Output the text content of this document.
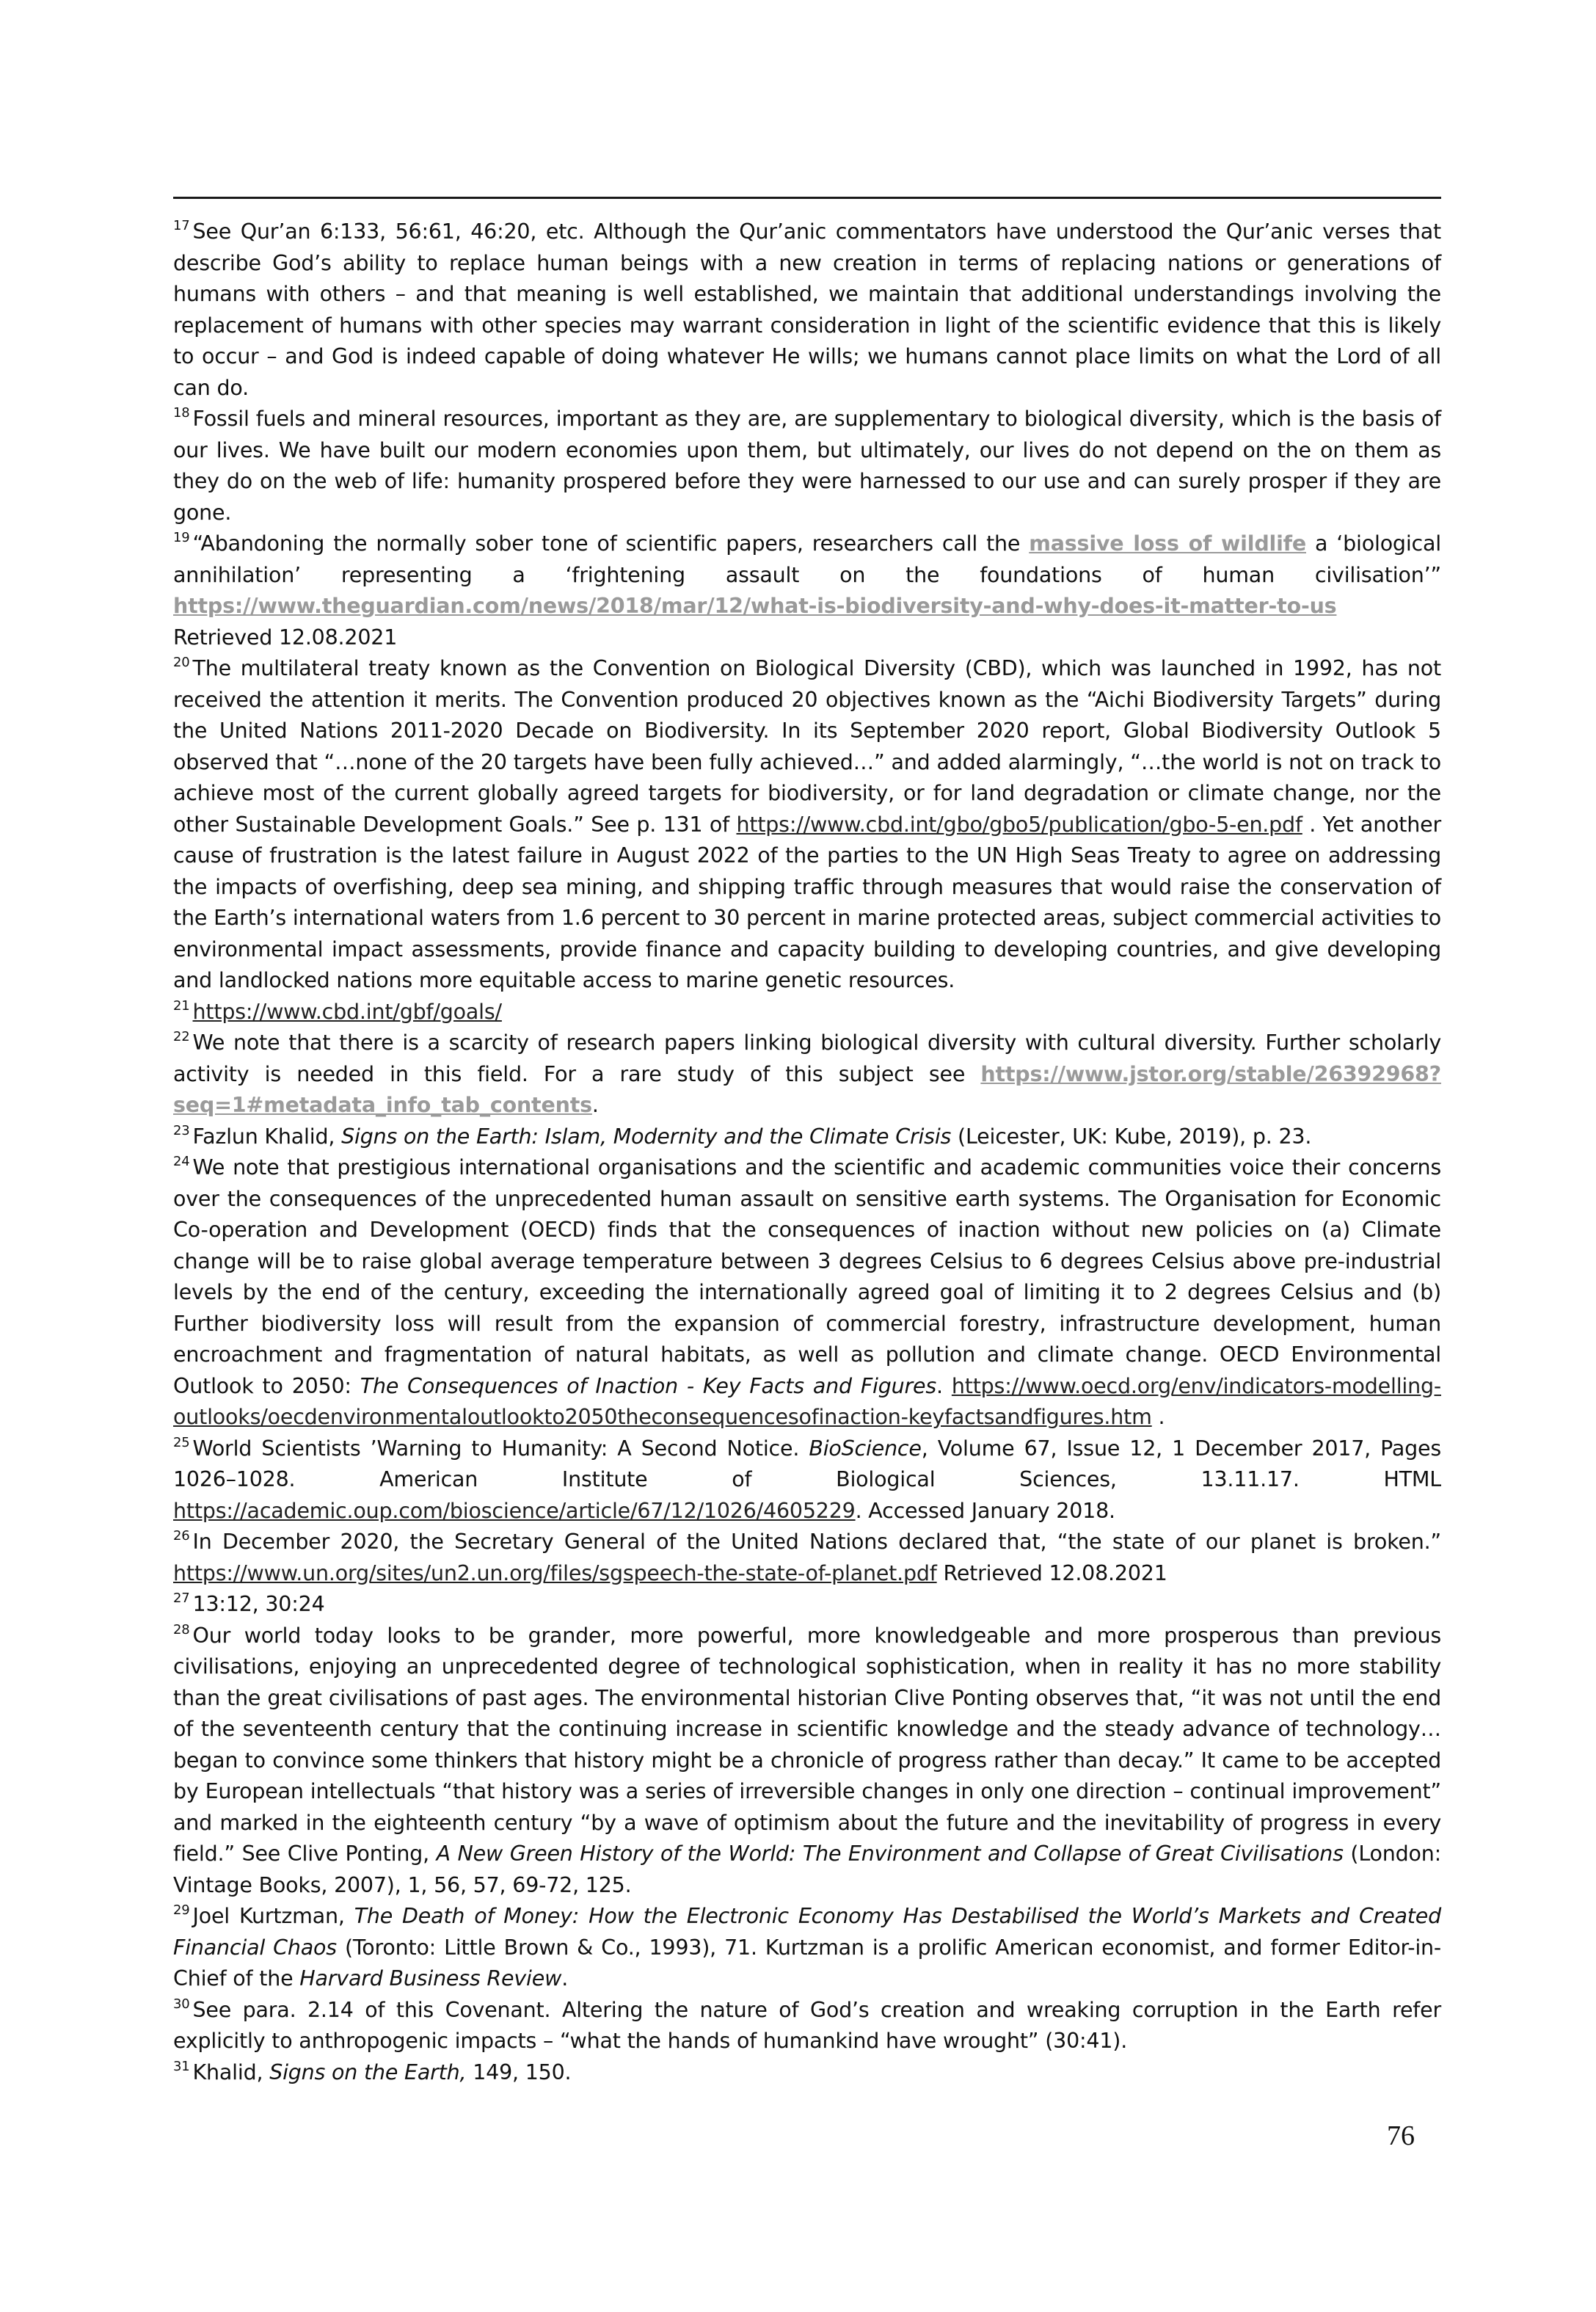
$^{17}$ See Qur’an 6:133, 56:61, 46:20, etc. Although the Qur’anic commentators have understood the Qur’anic verses that describe God’s ability to replace human beings with a new creation in terms of replacing nations or generations of humans with others – and that meaning is well established, we maintain that additional understandings involving the replacement of humans with other species may warrant consideration in light of the scientific evidence that this is likely to occur – and God is indeed capable of doing whatever He wills; we humans cannot place limits on what the Lord of all can do.

$^{18}$ Fossil fuels and mineral resources, important as they are, are supplementary to biological diversity, which is the basis of our lives. We have built our modern economies upon them, but ultimately, our lives do not depend on the on them as they do on the web of life: humanity prospered before they were harnessed to our use and can surely prosper if they are gone.

$^{19}$ “Abandoning the normally sober tone of scientific papers, researchers call the massive loss of wildlife a ‘biological annihilation’ representing a ‘frightening assault on the foundations of human civilisation’” https://www.theguardian.com/news/2018/mar/12/what-is-biodiversity-and-why-does-it-matter-to-us Retrieved 12.08.2021

$^{20}$ The multilateral treaty known as the Convention on Biological Diversity (CBD), which was launched in 1992, has not received the attention it merits. The Convention produced 20 objectives known as the “Aichi Biodiversity Targets” during the United Nations 2011-2020 Decade on Biodiversity. In its September 2020 report, Global Biodiversity Outlook 5 observed that “…none of the 20 targets have been fully achieved…” and added alarmingly, “…the world is not on track to achieve most of the current globally agreed targets for biodiversity, or for land degradation or climate change, nor the other Sustainable Development Goals.” See p. 131 of https://www.cbd.int/gbo/gbo5/publication/gbo-5-en.pdf . Yet another cause of frustration is the latest failure in August 2022 of the parties to the UN High Seas Treaty to agree on addressing the impacts of overfishing, deep sea mining, and shipping traffic through measures that would raise the conservation of the Earth’s international waters from 1.6 percent to 30 percent in marine protected areas, subject commercial activities to environmental impact assessments, provide finance and capacity building to developing countries, and give developing and landlocked nations more equitable access to marine genetic resources.

$^{21}$ https://www.cbd.int/gbf/goals/

$^{22}$ We note that there is a scarcity of research papers linking biological diversity with cultural diversity. Further scholarly activity is needed in this field. For a rare study of this subject see https://www.jstor.org/stable/26392968?seq=1#metadata_info_tab_contents.

$^{23}$ Fazlun Khalid, Signs on the Earth: Islam, Modernity and the Climate Crisis (Leicester, UK: Kube, 2019), p. 23.

$^{24}$ We note that prestigious international organisations and the scientific and academic communities voice their concerns over the consequences of the unprecedented human assault on sensitive earth systems. The Organisation for Economic Co-operation and Development (OECD) finds that the consequences of inaction without new policies on (a) Climate change will be to raise global average temperature between 3 degrees Celsius to 6 degrees Celsius above pre-industrial levels by the end of the century, exceeding the internationally agreed goal of limiting it to 2 degrees Celsius and (b) Further biodiversity loss will result from the expansion of commercial forestry, infrastructure development, human encroachment and fragmentation of natural habitats, as well as pollution and climate change. OECD Environmental Outlook to 2050: The Consequences of Inaction - Key Facts and Figures. https://www.oecd.org/env/indicators-modelling-outlooks/oecdenvironmentaloutlookto2050theconsequencesofinaction-keyfactsandfigures.htm .

$^{25}$ World Scientists ’Warning to Humanity: A Second Notice. BioScience, Volume 67, Issue 12, 1 December 2017, Pages 1026–1028. American Institute of Biological Sciences, 13.11.17. HTML https://academic.oup.com/bioscience/article/67/12/1026/4605229. Accessed January 2018.

$^{26}$ In December 2020, the Secretary General of the United Nations declared that, “the state of our planet is broken.” https://www.un.org/sites/un2.un.org/files/sgspeech-the-state-of-planet.pdf Retrieved 12.08.2021

$^{27}$ 13:12, 30:24

$^{28}$ Our world today looks to be grander, more powerful, more knowledgeable and more prosperous than previous civilisations, enjoying an unprecedented degree of technological sophistication, when in reality it has no more stability than the great civilisations of past ages. The environmental historian Clive Ponting observes that, “it was not until the end of the seventeenth century that the continuing increase in scientific knowledge and the steady advance of technology…began to convince some thinkers that history might be a chronicle of progress rather than decay.” It came to be accepted by European intellectuals “that history was a series of irreversible changes in only one direction – continual improvement” and marked in the eighteenth century “by a wave of optimism about the future and the inevitability of progress in every field.” See Clive Ponting, A New Green History of the World: The Environment and Collapse of Great Civilisations (London: Vintage Books, 2007), 1, 56, 57, 69-72, 125.

$^{29}$ Joel Kurtzman, The Death of Money: How the Electronic Economy Has Destabilised the World’s Markets and Created Financial Chaos (Toronto: Little Brown & Co., 1993), 71. Kurtzman is a prolific American economist, and former Editor-in-Chief of the Harvard Business Review.

$^{30}$ See para. 2.14 of this Covenant. Altering the nature of God’s creation and wreaking corruption in the Earth refer explicitly to anthropogenic impacts – “what the hands of humankind have wrought” (30:41).

$^{31}$ Khalid, Signs on the Earth, 149, 150.

76
